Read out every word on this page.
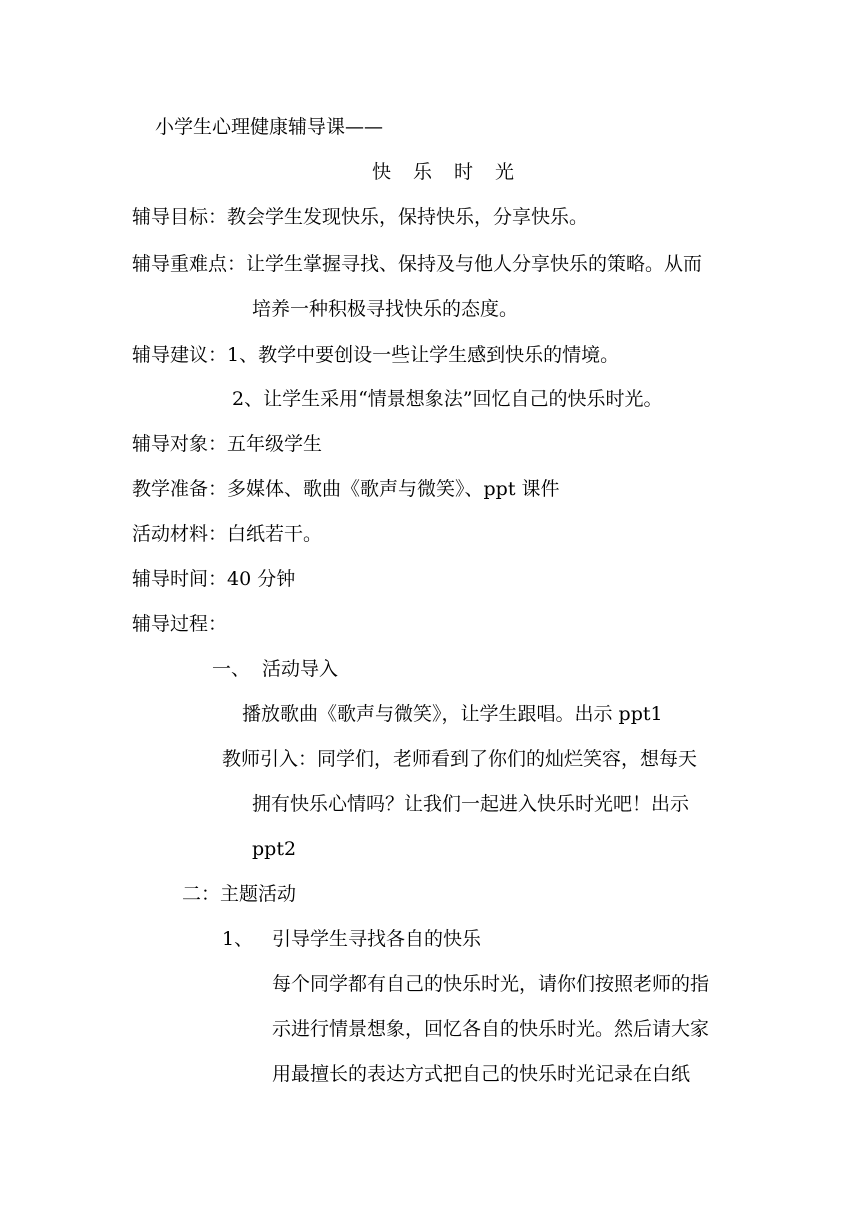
小学生心理健康辅导课——
快乐时光
辅导目标：教会学生发现快乐，保持快乐，分享快乐。
辅导重难点：让学生掌握寻找、保持及与他人分享快乐的策略。从而
培养一种积极寻找快乐的态度。
辅导建议：1、教学中要创设一些让学生感到快乐的情境。
2、让学生采用“情景想象法”回忆自己的快乐时光。
辅导对象：五年级学生
教学准备：多媒体、歌曲《歌声与微笑》、ppt 课件
活动材料：白纸若干。
辅导时间：40 分钟
辅导过程：
一、 活动导入
播放歌曲《歌声与微笑》，让学生跟唱。出示 ppt1
教师引入：同学们，老师看到了你们的灿烂笑容，想每天
拥有快乐心情吗？让我们一起进入快乐时光吧！出示
ppt2
二：主题活动
1、 引导学生寻找各自的快乐
每个同学都有自己的快乐时光，请你们按照老师的指
示进行情景想象，回忆各自的快乐时光。然后请大家
用最擅长的表达方式把自己的快乐时光记录在白纸
